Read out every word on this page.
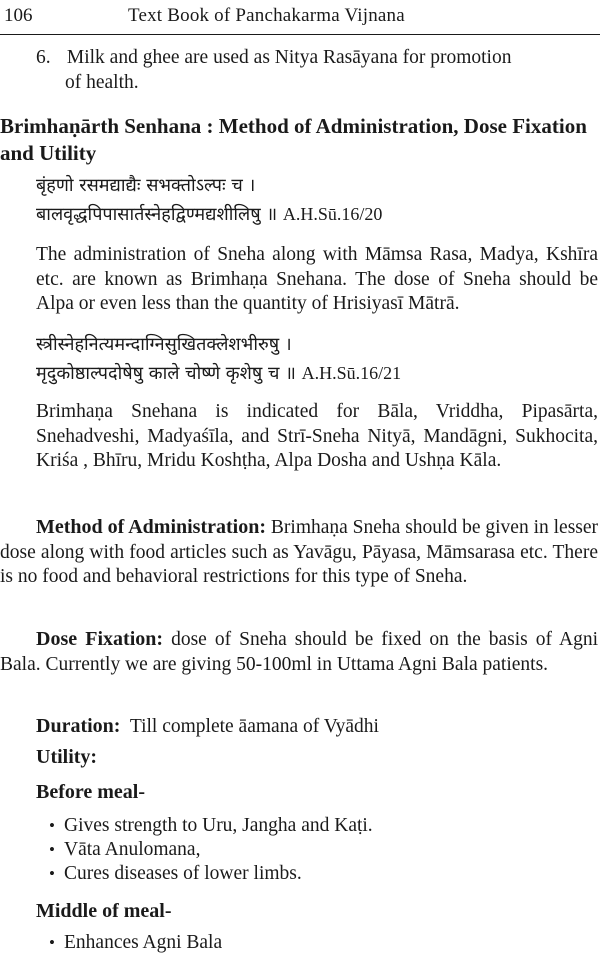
106	Text Book of Panchakarma Vijnana
6. Milk and ghee are used as Nitya Rasāyana for promotion
of health.

Brimhaṇārth Senhana : Method of Administration, Dose Fixation and Utility

बृंहणो रसमद्याद्यैः सभक्तोऽल्पः च ।
बालवृद्धपिपासार्तस्नेहद्विण्मद्यशीलिषु ॥ A.H.Sū.16/20

The administration of Sneha along with Māmsa Rasa, Madya, Kshīra etc. are known as Brimhaṇa Snehana. The dose of Sneha should be Alpa or even less than the quantity of Hrisiyasī Mātrā.

स्त्रीस्नेहनित्यमन्दाग्निसुखितक्लेशभीरुषु ।
मृदुकोष्ठाल्पदोषेषु काले चोष्णे कृशेषु च ॥ A.H.Sū.16/21

Brimhaṇa Snehana is indicated for Bāla, Vriddha, Pipasārta, Snehadveshi, Madyaśīla, and Strī-Sneha Nityā, Mandāgni, Sukhocita, Kriśa , Bhīru, Mridu Koshṭha, Alpa Dosha and Ushṇa Kāla.

Method of Administration: Brimhaṇa Sneha should be given in lesser dose along with food articles such as Yavāgu, Pāyasa, Māmsarasa etc. There is no food and behavioral restrictions for this type of Sneha.

Dose Fixation: dose of Sneha should be fixed on the basis of Agni Bala. Currently we are giving 50-100ml in Uttama Agni Bala patients.

Duration: Till complete āamana of Vyādhi

Utility:

Before meal-

• Gives strength to Uru, Jangha and Kaṭi.
• Vāta Anulomana,
• Cures diseases of lower limbs.

Middle of meal-

• Enhances Agni Bala
